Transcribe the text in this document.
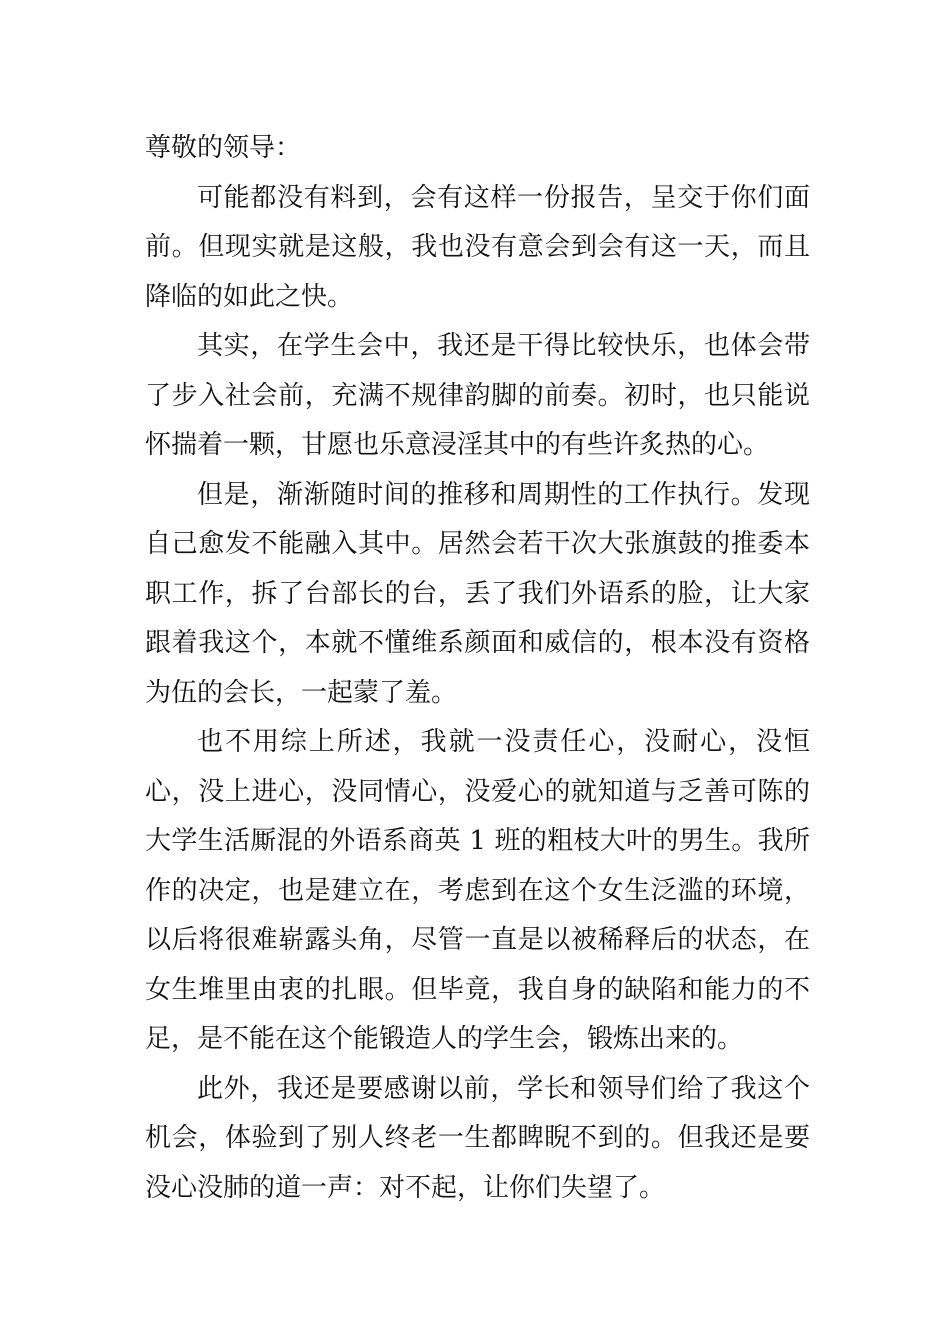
尊敬的领导：

可能都没有料到，会有这样一份报告，呈交于你们面前。但现实就是这般，我也没有意会到会有这一天，而且降临的如此之快。

其实，在学生会中，我还是干得比较快乐，也体会带了步入社会前，充满不规律韵脚的前奏。初时，也只能说怀揣着一颗，甘愿也乐意浸淫其中的有些许炙热的心。

但是，渐渐随时间的推移和周期性的工作执行。发现自己愈发不能融入其中。居然会若干次大张旗鼓的推委本职工作，拆了台部长的台，丢了我们外语系的脸，让大家跟着我这个，本就不懂维系颜面和威信的，根本没有资格为伍的会长，一起蒙了羞。

也不用综上所述，我就一没责任心，没耐心，没恒心，没上进心，没同情心，没爱心的就知道与乏善可陈的大学生活厮混的外语系商英 1 班的粗枝大叶的男生。我所作的决定，也是建立在，考虑到在这个女生泛滥的环境，以后将很难崭露头角，尽管一直是以被稀释后的状态，在女生堆里由衷的扎眼。但毕竟，我自身的缺陷和能力的不足，是不能在这个能锻造人的学生会，锻炼出来的。

此外，我还是要感谢以前，学长和领导们给了我这个机会，体验到了别人终老一生都睥睨不到的。但我还是要没心没肺的道一声：对不起，让你们失望了。
